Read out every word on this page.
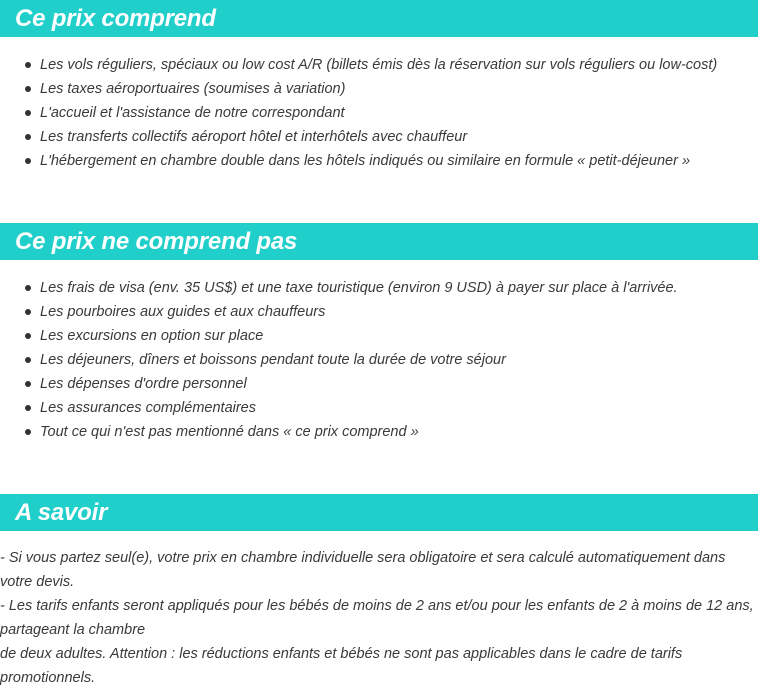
Ce prix comprend
Les vols réguliers, spéciaux ou low cost A/R (billets émis dès la réservation sur vols réguliers ou low-cost)
Les taxes aéroportuaires (soumises à variation)
L'accueil et l'assistance de notre correspondant
Les transferts collectifs aéroport hôtel et interhôtels avec chauffeur
L'hébergement en chambre double dans les hôtels indiqués ou similaire en formule « petit-déjeuner »
Ce prix ne comprend pas
Les frais de visa (env. 35 US$) et une taxe touristique (environ 9 USD) à payer sur place à l'arrivée.
Les pourboires aux guides et aux chauffeurs
Les excursions en option sur place
Les déjeuners, dîners et boissons pendant toute la durée de votre séjour
Les dépenses d'ordre personnel
Les assurances complémentaires
Tout ce qui n'est pas mentionné dans « ce prix comprend »
A savoir

- Si vous partez seul(e), votre prix en chambre individuelle sera obligatoire et sera calculé automatiquement dans votre devis.

- Les tarifs enfants seront appliqués pour les bébés de moins de 2 ans et/ou pour les enfants de 2 à moins de 12 ans, partageant la chambre

de deux adultes. Attention : les réductions enfants et bébés ne sont pas applicables dans le cadre de tarifs promotionnels.
